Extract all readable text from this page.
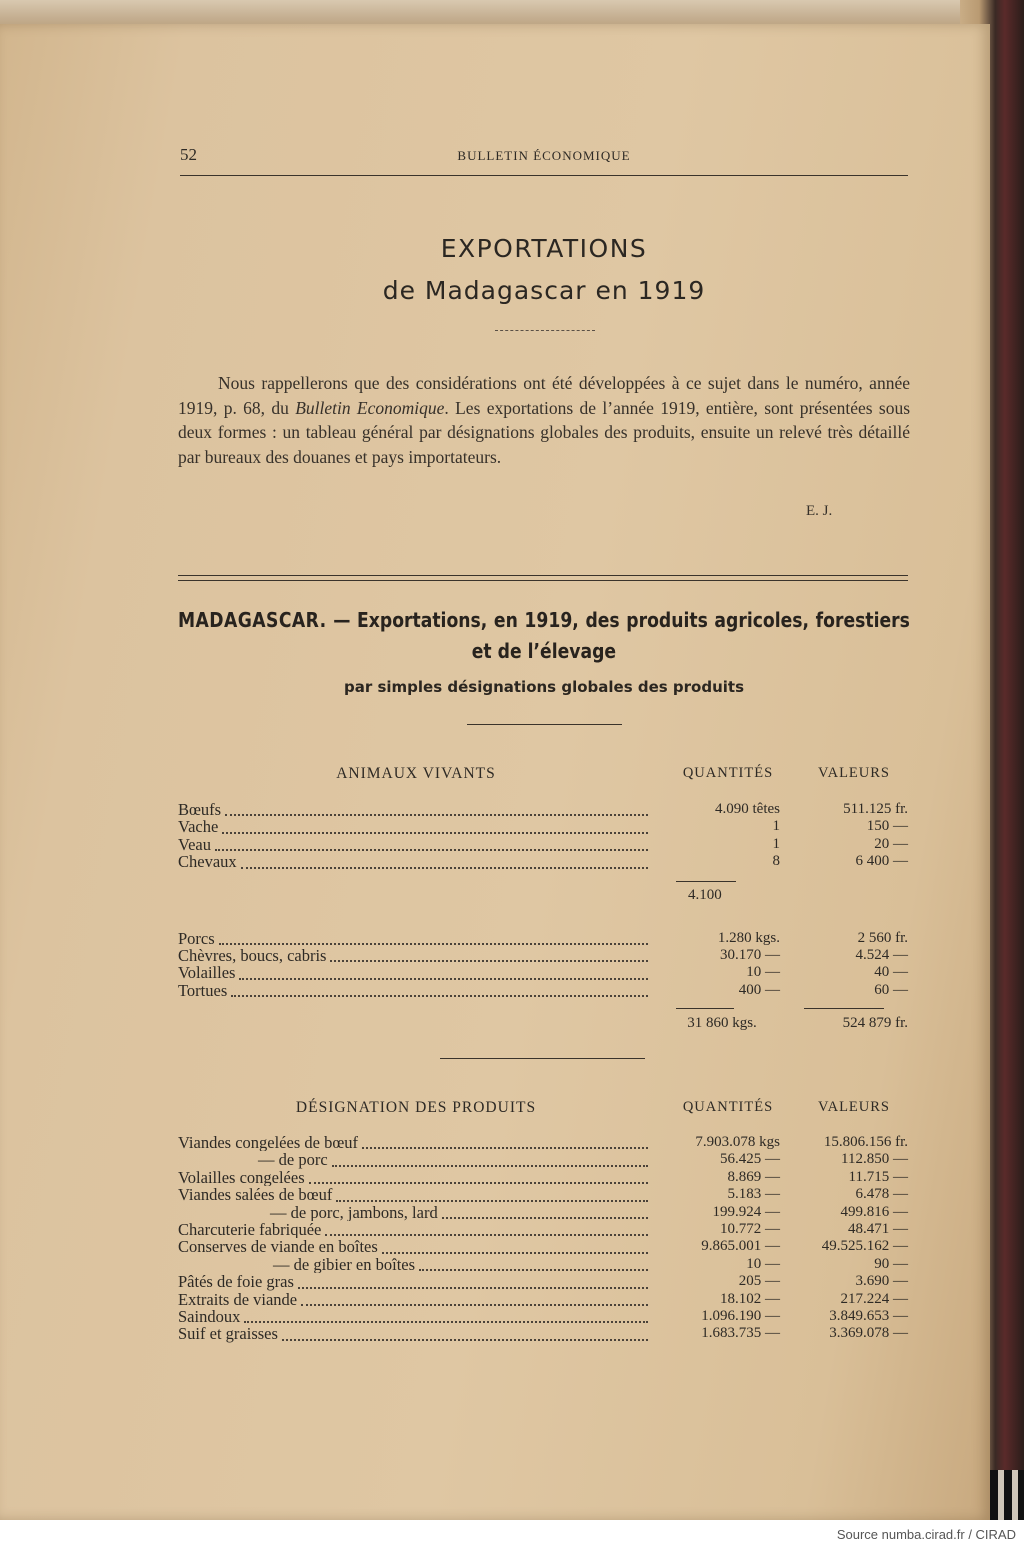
52	BULLETIN ÉCONOMIQUE
EXPORTATIONS
de Madagascar en 1919

Nous rappellerons que des considérations ont été développées à ce sujet dans le numéro, année 1919, p. 68, du Bulletin Economique. Les exportations de l’année 1919, entière, sont présentées sous deux formes : un tableau général par désignations globales des produits, ensuite un relevé très détaillé par bureaux des douanes et pays importateurs.

E. J.
MADAGASCAR. — Exportations, en 1919, des produits agricoles, forestiers et de l’élevage
par simples désignations globales des produits
ANIMAUX VIVANTS	QUANTITÉS	VALEURS
Bœufs	4.090 têtes	511.125 fr.
Vache	1	150 —
Veau	1	20 —
Chevaux	8	6 400 —
4.100
Porcs	1.280 kgs.	2 560 fr.
Chèvres, boucs, cabris	30.170 —	4.524 —
Volailles	10 —	40 —
Tortues	400 —	60 —
31 860 kgs.	524 879 fr.
DÉSIGNATION DES PRODUITS	QUANTITÉS	VALEURS
Viandes congelées de bœuf	7.903.078 kgs	15.806.156 fr.
— de porc	56.425 —	112.850 —
Volailles congelées	8.869 —	11.715 —
Viandes salées de bœuf	5.183 —	6.478 —
— de porc, jambons, lard	199.924 —	499.816 —
Charcuterie fabriquée	10.772 —	48.471 —
Conserves de viande en boîtes	9.865.001 —	49.525.162 —
— de gibier en boîtes	10 —	90 —
Pâtés de foie gras	205 —	3.690 —
Extraits de viande	18.102 —	217.224 —
Saindoux	1.096.190 —	3.849.653 —
Suif et graisses	1.683.735 —	3.369.078 —
Source numba.cirad.fr / CIRAD
